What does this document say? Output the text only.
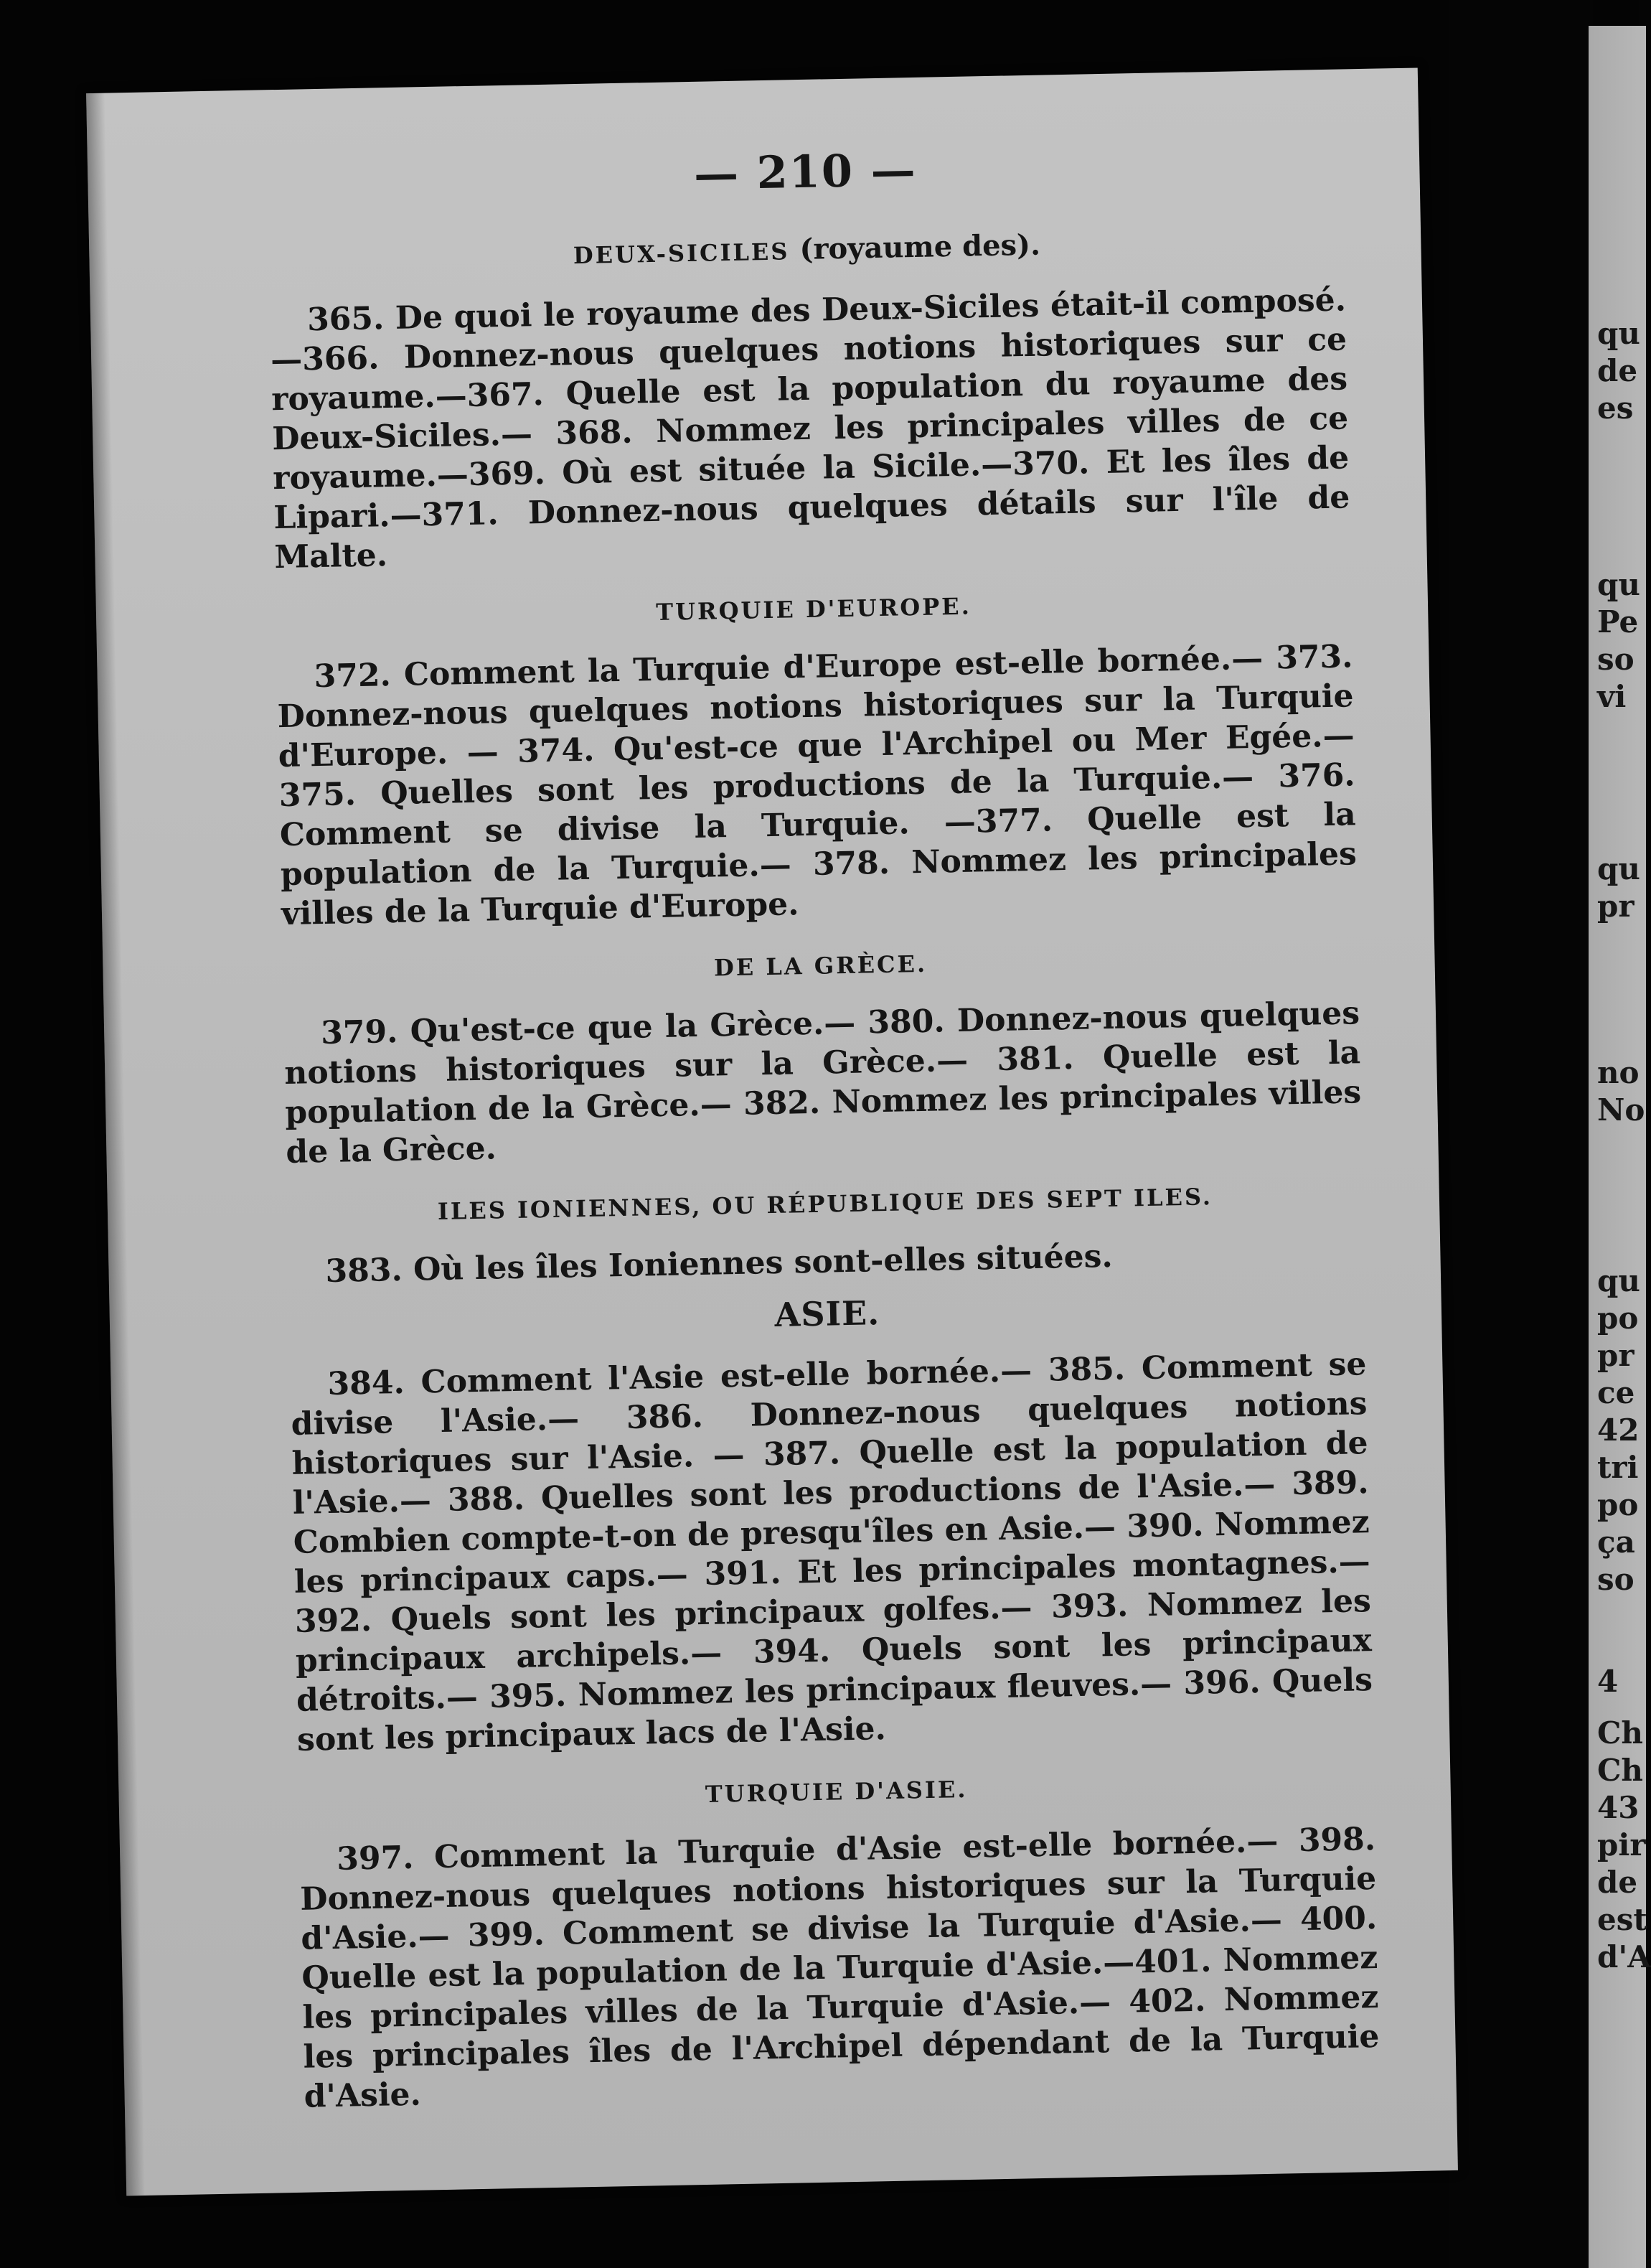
qu
de
es
qu
Pe
so
vi
qu
pr
no
No
qu
po
pr
ce
42
tri
po
ça
so
4
Ch
Ch
43
pir
de
est
d'A
— 210 —
DEUX-SICILES (royaume des).

365. De quoi le royaume des Deux-Siciles était-il composé.—366. Donnez-nous quelques notions historiques sur ce royaume.—367. Quelle est la population du royaume des Deux-Siciles.— 368. Nommez les principales villes de ce royaume.—369. Où est située la Sicile.—370. Et les îles de Lipari.—371. Donnez-nous quelques détails sur l'île de Malte.

TURQUIE D'EUROPE.

372. Comment la Turquie d'Europe est-elle bornée.— 373. Donnez-nous quelques notions historiques sur la Turquie d'Europe. — 374. Qu'est-ce que l'Archipel ou Mer Egée.— 375. Quelles sont les productions de la Turquie.— 376. Comment se divise la Turquie. —377. Quelle est la population de la Turquie.— 378. Nommez les principales villes de la Turquie d'Europe.

DE LA GRÈCE.

379. Qu'est-ce que la Grèce.— 380. Donnez-nous quelques notions historiques sur la Grèce.— 381. Quelle est la population de la Grèce.— 382. Nommez les principales villes de la Grèce.

ILES IONIENNES, OU RÉPUBLIQUE DES SEPT ILES.

383. Où les îles Ioniennes sont-elles situées.

ASIE.

384. Comment l'Asie est-elle bornée.— 385. Comment se divise l'Asie.— 386. Donnez-nous quelques notions historiques sur l'Asie. — 387. Quelle est la population de l'Asie.— 388. Quelles sont les productions de l'Asie.— 389. Combien compte-t-on de presqu'îles en Asie.— 390. Nommez les principaux caps.— 391. Et les principales montagnes.— 392. Quels sont les principaux golfes.— 393. Nommez les principaux archipels.— 394. Quels sont les principaux détroits.— 395. Nommez les principaux fleuves.— 396. Quels sont les principaux lacs de l'Asie.

TURQUIE D'ASIE.

397. Comment la Turquie d'Asie est-elle bornée.— 398. Donnez-nous quelques notions historiques sur la Turquie d'Asie.— 399. Comment se divise la Turquie d'Asie.— 400. Quelle est la population de la Turquie d'Asie.—401. Nommez les principales villes de la Turquie d'Asie.— 402. Nommez les principales îles de l'Archipel dépendant de la Turquie d'Asie.
